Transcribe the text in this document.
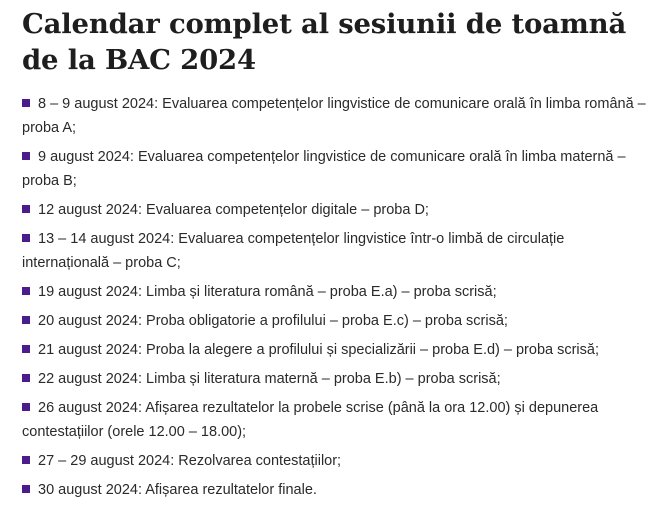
Calendar complet al sesiunii de toamnă de la BAC 2024
8 – 9 august 2024: Evaluarea competențelor lingvistice de comunicare orală în limba română – proba A;
9 august 2024: Evaluarea competențelor lingvistice de comunicare orală în limba maternă – proba B;
12 august 2024: Evaluarea competențelor digitale – proba D;
13 – 14 august 2024: Evaluarea competențelor lingvistice într-o limbă de circulație internațională – proba C;
19 august 2024: Limba și literatura română – proba E.a) – proba scrisă;
20 august 2024: Proba obligatorie a profilului – proba E.c) – proba scrisă;
21 august 2024: Proba la alegere a profilului și specializării – proba E.d) – proba scrisă;
22 august 2024: Limba și literatura maternă – proba E.b) – proba scrisă;
26 august 2024: Afișarea rezultatelor la probele scrise (până la ora 12.00) și depunerea contestațiilor (orele 12.00 – 18.00);
27 – 29 august 2024: Rezolvarea contestațiilor;
30 august 2024: Afișarea rezultatelor finale.
